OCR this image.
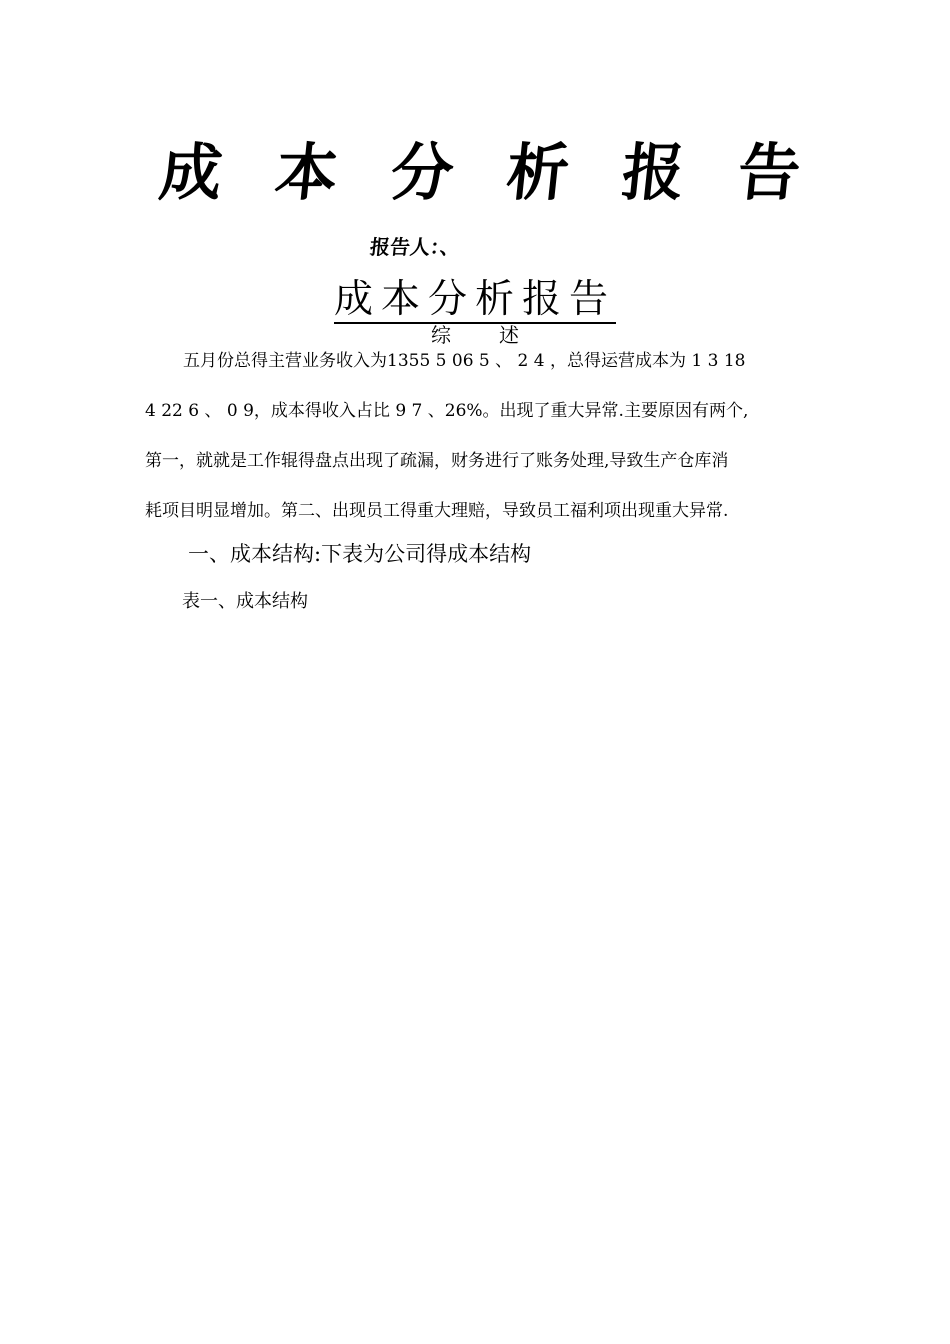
成 本 分 析 报 告
报告人：、
成本分析报告
综 述
五月份总得主营业务收入为1355 5 06 5 、 2 4 ，总得运营成本为 1 3 18
4 22 6 、 0 9，成本得收入占比 9 7 、26%。出现了重大异常.主要原因有两个,
第一，就就是工作辊得盘点出现了疏漏，财务进行了账务处理,导致生产仓库消
耗项目明显增加。第二、出现员工得重大理赔，导致员工福利项出现重大异常.
一、成本结构:下表为公司得成本结构
表一、成本结构
